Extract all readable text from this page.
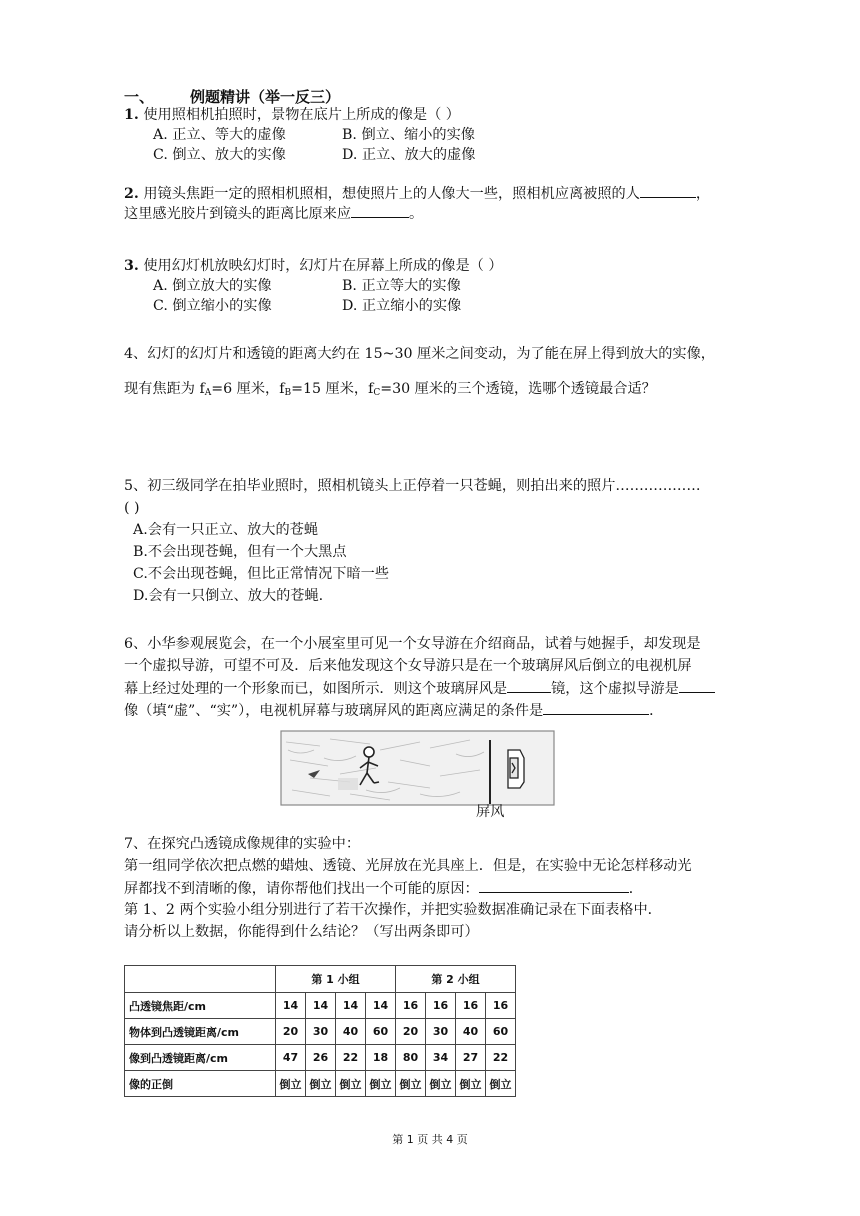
一、 例题精讲（举一反三）
1. 使用照相机拍照时，景物在底片上所成的像是（ ）
A. 正立、等大的虚像	B. 倒立、缩小的实像
C. 倒立、放大的实像	D. 正立、放大的虚像
2. 用镜头焦距一定的照相机照相，想使照片上的人像大一些，照相机应离被照的人	，
这里感光胶片到镜头的距离比原来应	。
3. 使用幻灯机放映幻灯时，幻灯片在屏幕上所成的像是（ ）
A. 倒立放大的实像	B. 正立等大的实像
C. 倒立缩小的实像	D. 正立缩小的实像
4、幻灯的幻灯片和透镜的距离大约在 15~30 厘米之间变动，为了能在屏上得到放大的实像，
现有焦距为 $f_A=6$ 厘米，$f_B=15$ 厘米，$f_C=30$ 厘米的三个透镜，选哪个透镜最合适？
5、初三级同学在拍毕业照时，照相机镜头上正停着一只苍蝇，则拍出来的照片………………
( )
A.会有一只正立、放大的苍蝇
B.不会出现苍蝇，但有一个大黑点
C.不会出现苍蝇，但比正常情况下暗一些
D.会有一只倒立、放大的苍蝇.
6、小华参观展览会，在一个小展室里可见一个女导游在介绍商品，试着与她握手，却发现是
一个虚拟导游，可望不可及．后来他发现这个女导游只是在一个玻璃屏风后倒立的电视机屏
幕上经过处理的一个形象而已，如图所示．则这个玻璃屏风是	镜，这个虚拟导游是
像（填“虚”、“实”），电视机屏幕与玻璃屏风的距离应满足的条件是	．
屏风
7、在探究凸透镜成像规律的实验中：
第一组同学依次把点燃的蜡烛、透镜、光屏放在光具座上．但是，在实验中无论怎样移动光
屏都找不到清晰的像，请你帮他们找出一个可能的原因：	．
第 1、2 两个实验小组分别进行了若干次操作，并把实验数据准确记录在下面表格中．
请分析以上数据，你能得到什么结论？（写出两条即可）
	第 1 小组				第 2 小组			
凸透镜焦距/cm	14	14	14	14	16	16	16	16
物体到凸透镜距离/cm	20	30	40	60	20	30	40	60
像到凸透镜距离/cm	47	26	22	18	80	34	27	22
像的正倒	倒立	倒立	倒立	倒立	倒立	倒立	倒立	倒立
第 1 页 共 4 页
